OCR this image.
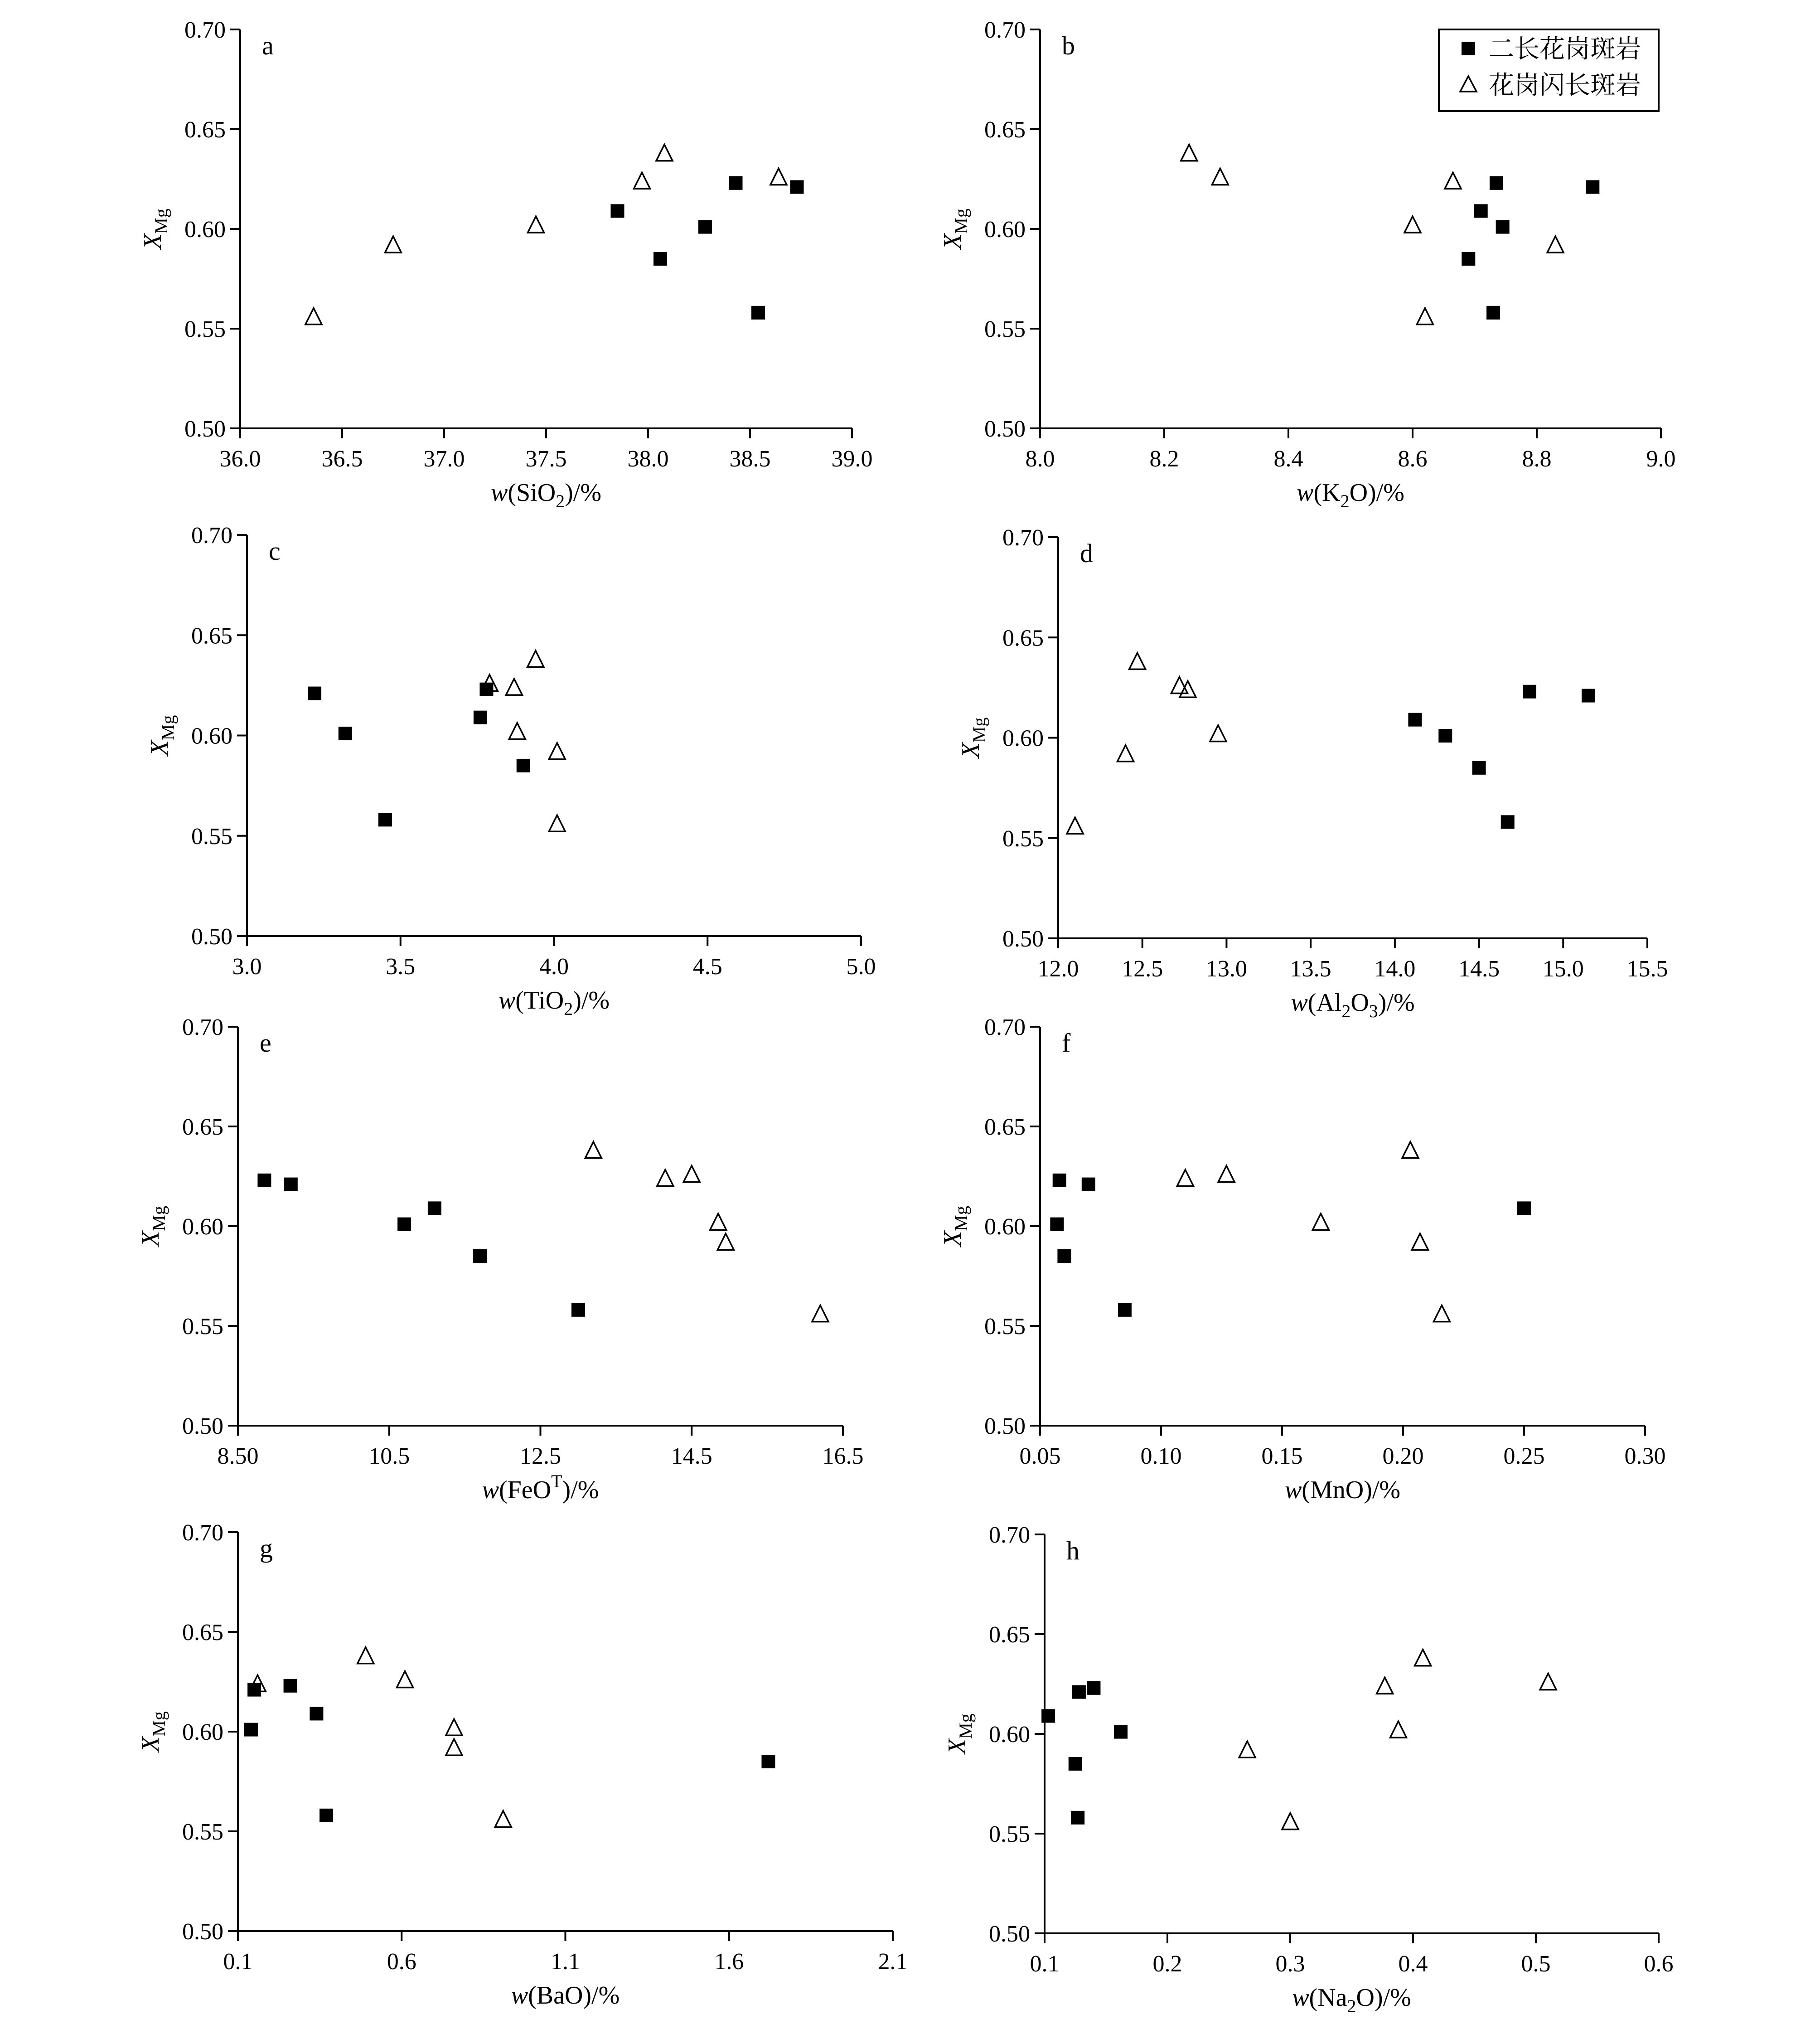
0.50
0.55
0.60
0.65
0.70
36.0	36.5	37.0	37.5	38.0	38.5	39.0
a
w(SiO$_2$)/%
$X_{Mg}$
0.50
0.55
0.60
0.65
0.70
8.0	8.2	8.4	8.6	8.8	9.0
b
$w(K_2O)/\%$
$X_{Mg}$
0.50
0.55
0.60
0.65
0.70
3.0	3.5	4.0	4.5	5.0
c
w(TiO$_2$)/%
$X_{Mg}$
0.50
0.55
0.60
0.65
0.70
12.0 12.5 13.0 13.5 14.0 14.5 15.0 15.5
d
$w(Al_2O_3)/\%$
$X_{Mg}$
0.50
0.55
0.60
0.65
0.70
8.50	10.5	12.5	14.5	16.5
e
w(FeO$^T$)/%
$X_{Mg}$
0.50
0.55
0.60
0.65
0.70
0.05	0.10	0.15	0.20	0.25	0.30
f
w(MnO)/%
$X_{Mg}$
0.50
0.55
0.60
0.65
0.70
0.1	0.6	1.1	1.6	2.1
g
w(BaO)/%
$X_{Mg}$
0.50
0.55
0.60
0.65
0.70
0.1	0.2	0.3	0.4	0.5	0.6
h
$w(Na_2O)/\%$
$X_{Mg}$
二长花岗斑岩
花岗闪长斑岩
